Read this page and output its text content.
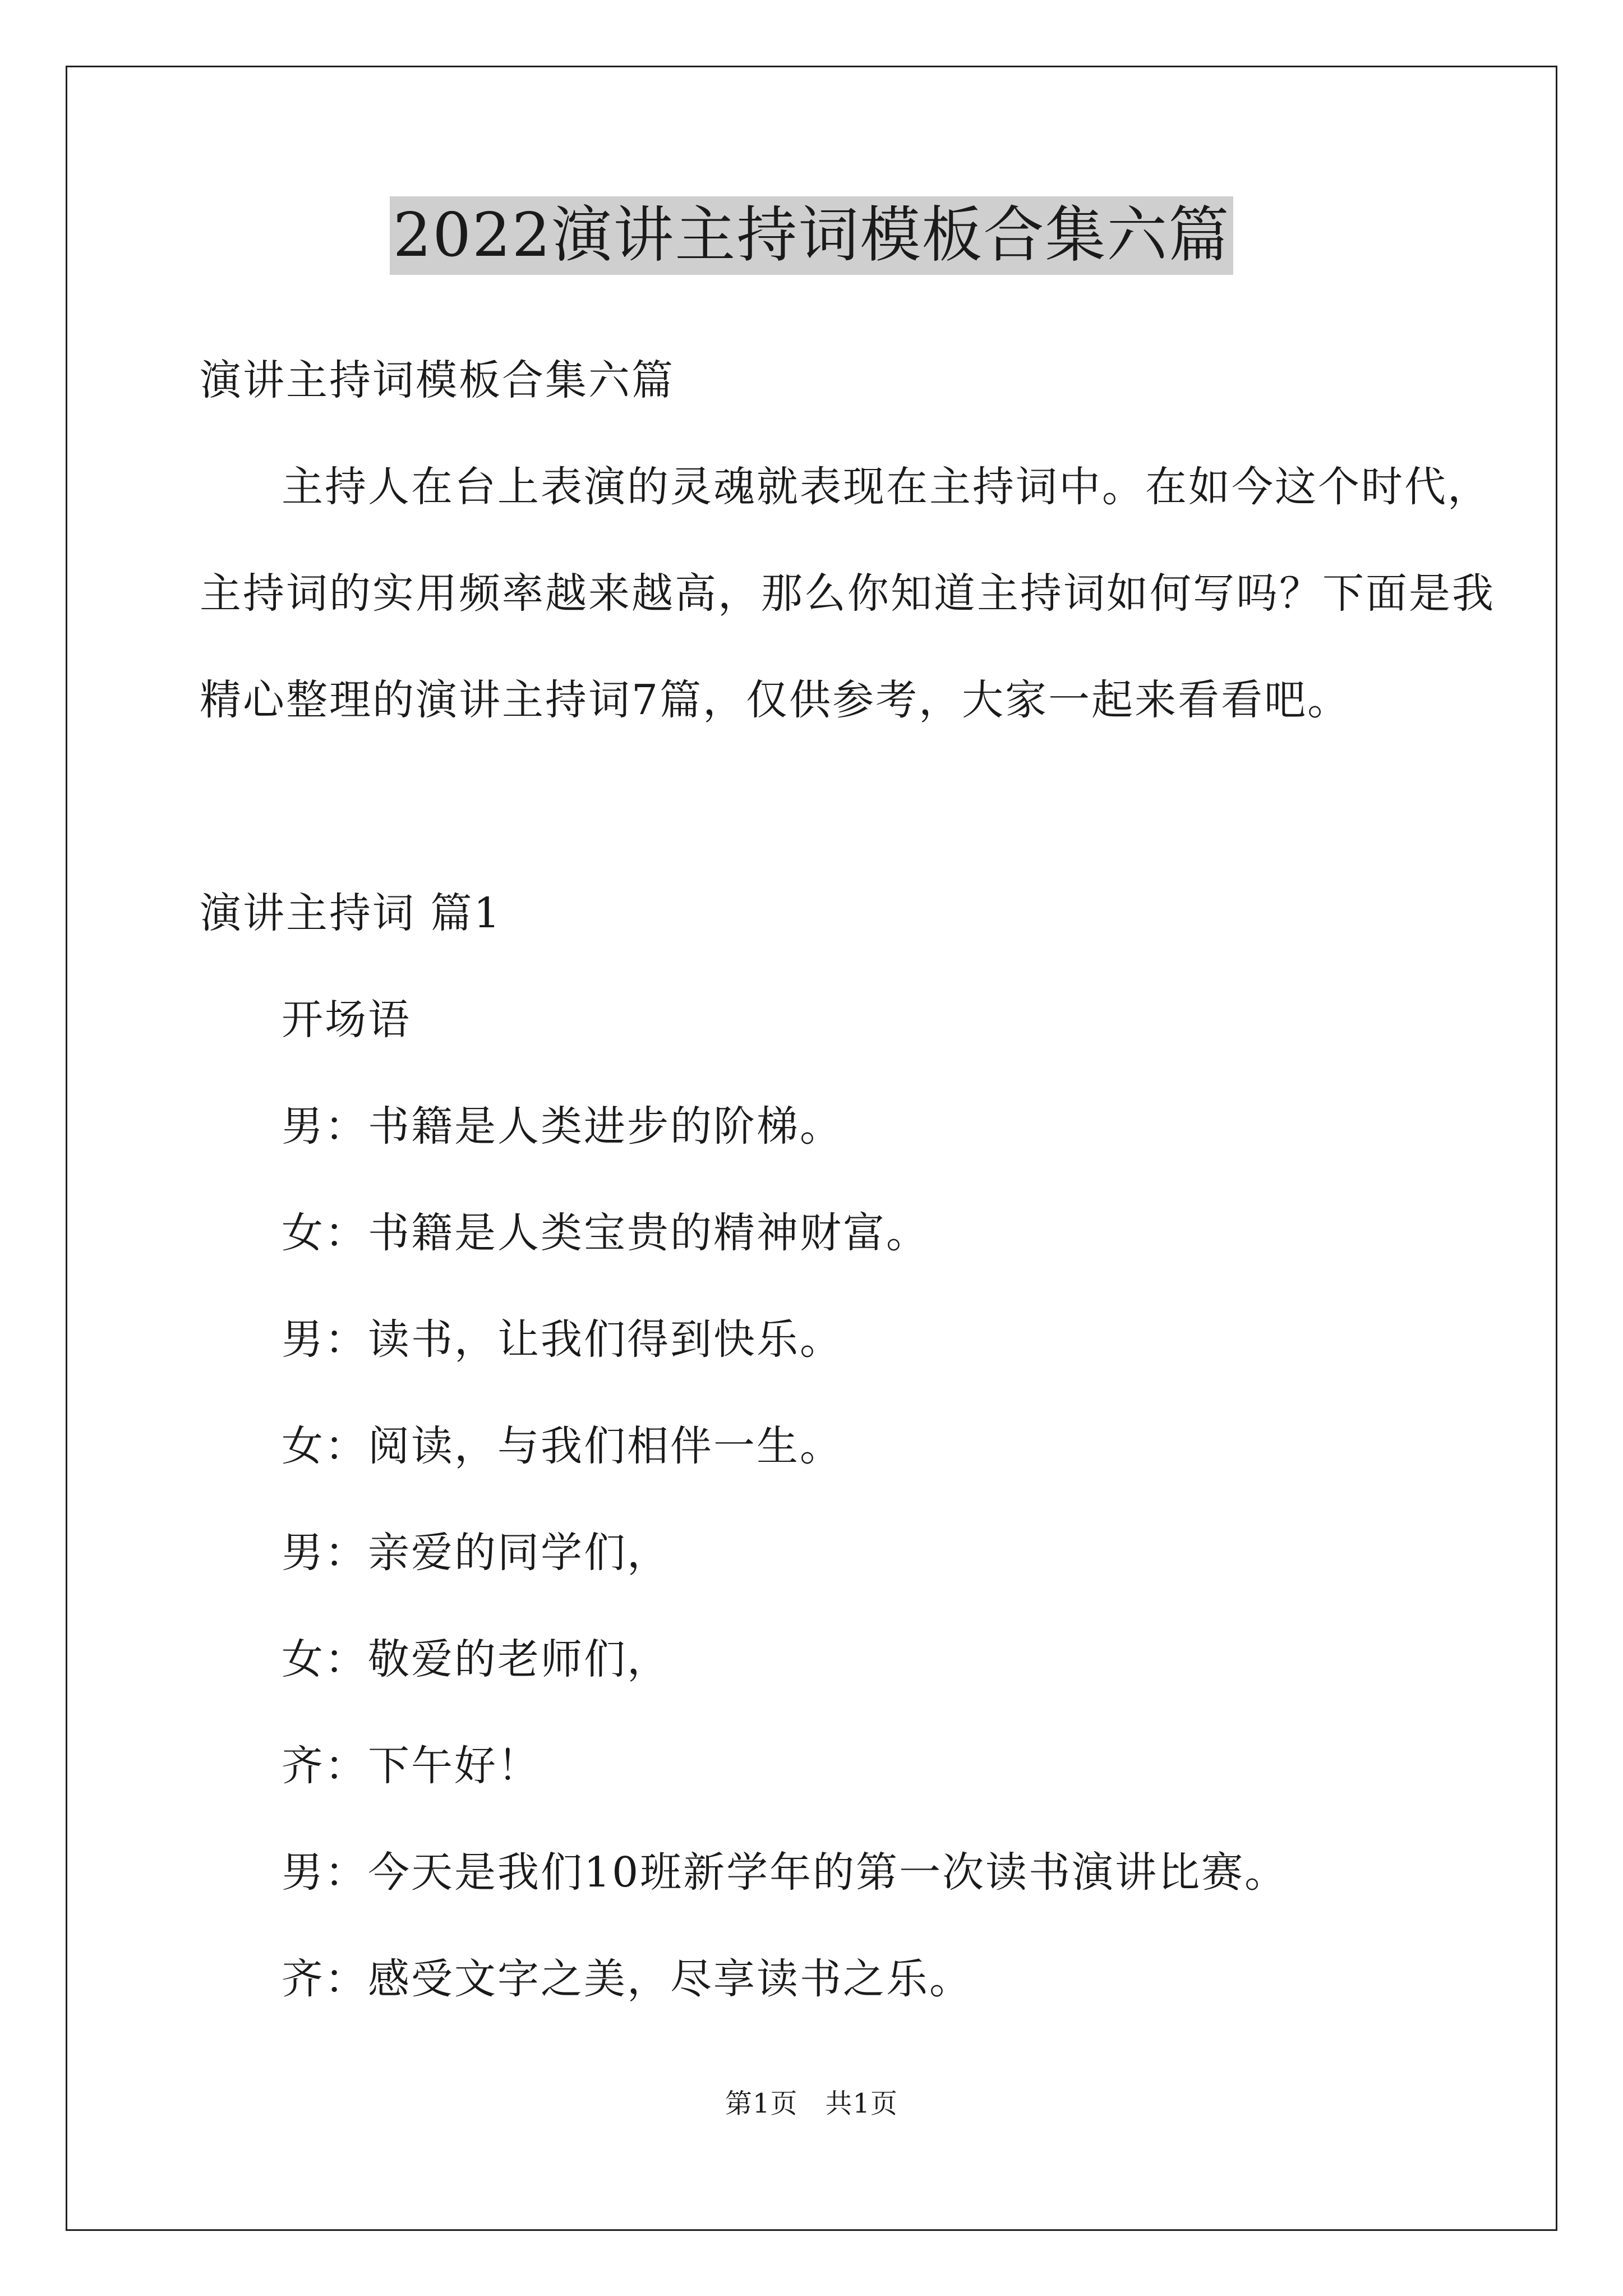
2022演讲主持词模板合集六篇
演讲主持词模板合集六篇
主持人在台上表演的灵魂就表现在主持词中。在如今这个时代，
主持词的实用频率越来越高，那么你知道主持词如何写吗？下面是我
精心整理的演讲主持词7篇，仅供参考，大家一起来看看吧。
演讲主持词 篇1
开场语
男：书籍是人类进步的阶梯。
女：书籍是人类宝贵的精神财富。
男：读书，让我们得到快乐。
女：阅读，与我们相伴一生。
男：亲爱的同学们，
女：敬爱的老师们，
齐：下午好！
男：今天是我们10班新学年的第一次读书演讲比赛。
齐：感受文字之美，尽享读书之乐。
第1页　共1页
